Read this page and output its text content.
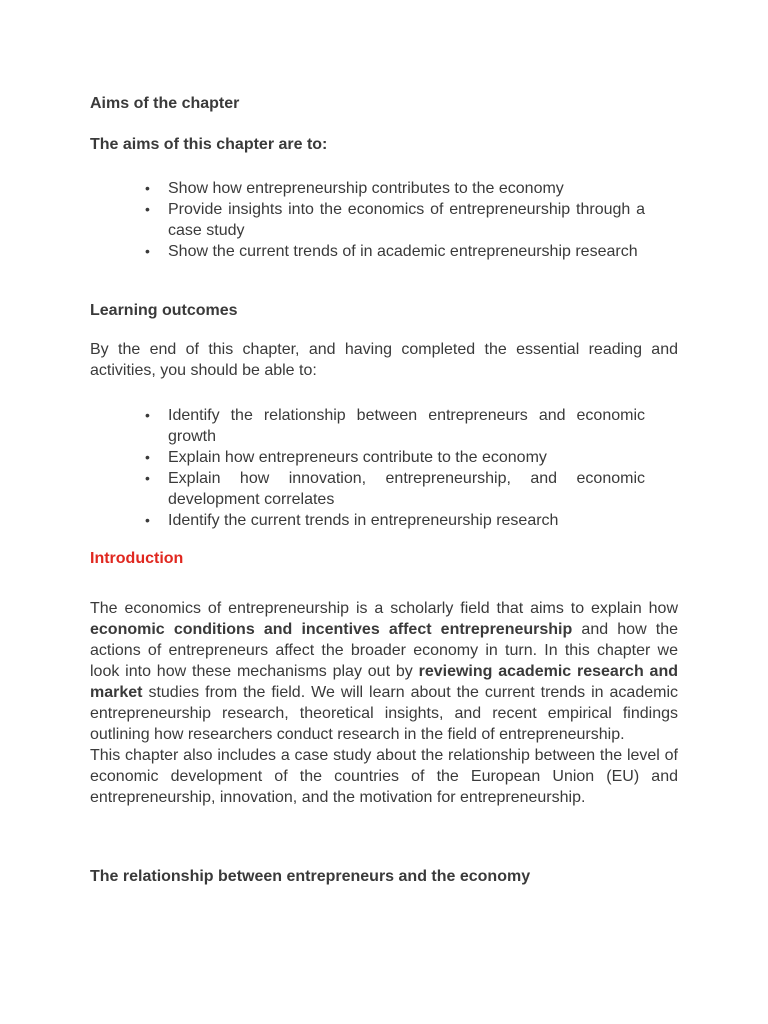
Aims of the chapter
The aims of this chapter are to:
• Show how entrepreneurship contributes to the economy
• Provide insights into the economics of entrepreneurship through a case study
• Show the current trends of in academic entrepreneurship research
Learning outcomes
By the end of this chapter, and having completed the essential reading and activities, you should be able to:
• Identify the relationship between entrepreneurs and economic growth
• Explain how entrepreneurs contribute to the economy
• Explain how innovation, entrepreneurship, and economic development correlates
• Identify the current trends in entrepreneurship research
Introduction
The economics of entrepreneurship is a scholarly field that aims to explain how economic conditions and incentives affect entrepreneurship and how the actions of entrepreneurs affect the broader economy in turn. In this chapter we look into how these mechanisms play out by reviewing academic research and market studies from the field. We will learn about the current trends in academic entrepreneurship research, theoretical insights, and recent empirical findings outlining how researchers conduct research in the field of entrepreneurship.
This chapter also includes a case study about the relationship between the level of economic development of the countries of the European Union (EU) and entrepreneurship, innovation, and the motivation for entrepreneurship.
The relationship between entrepreneurs and the economy
